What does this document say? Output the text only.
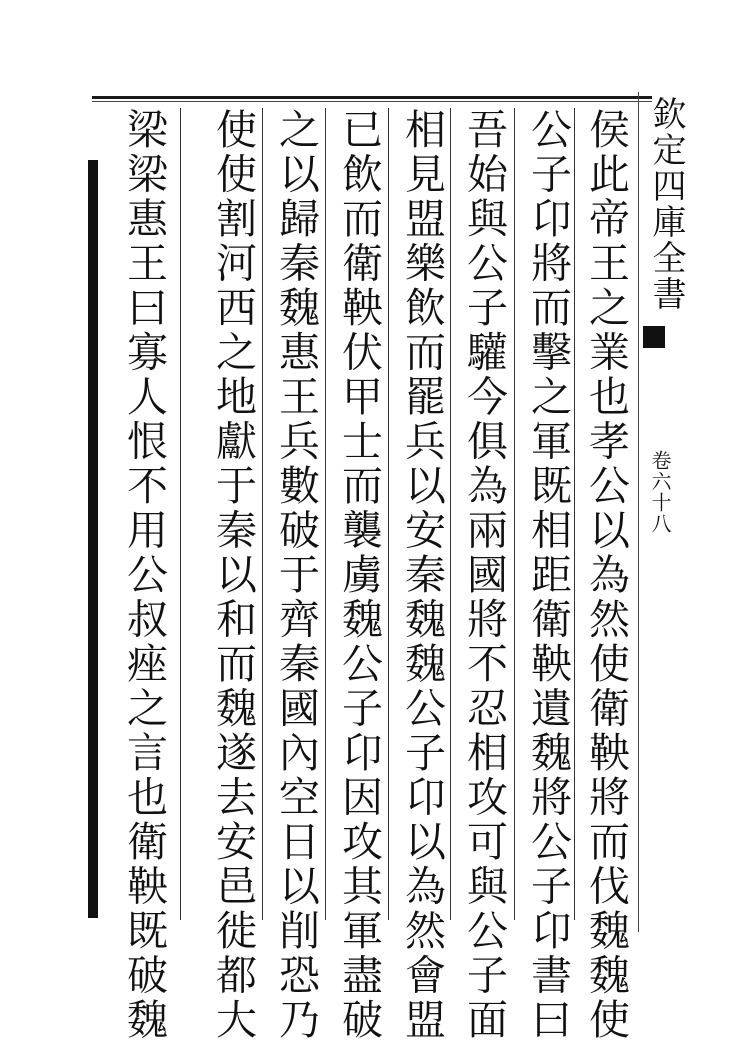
欽定四庫全書
卷六十八
侯此帝王之業也孝公以為然使衛鞅將而伐魏魏使
公子卬將而擊之軍既相距衛鞅遺魏將公子卬書曰
吾始與公子驩今俱為兩國將不忍相攻可與公子面
相見盟樂飲而罷兵以安秦魏魏公子卬以為然會盟
已飲而衛鞅伏甲士而襲虜魏公子卬因攻其軍盡破
之以歸秦魏惠王兵數破于齊秦國內空日以削恐乃
使使割河西之地獻于秦以和而魏遂去安邑徙都大
梁梁惠王曰寡人恨不用公叔痤之言也衛鞅既破魏
